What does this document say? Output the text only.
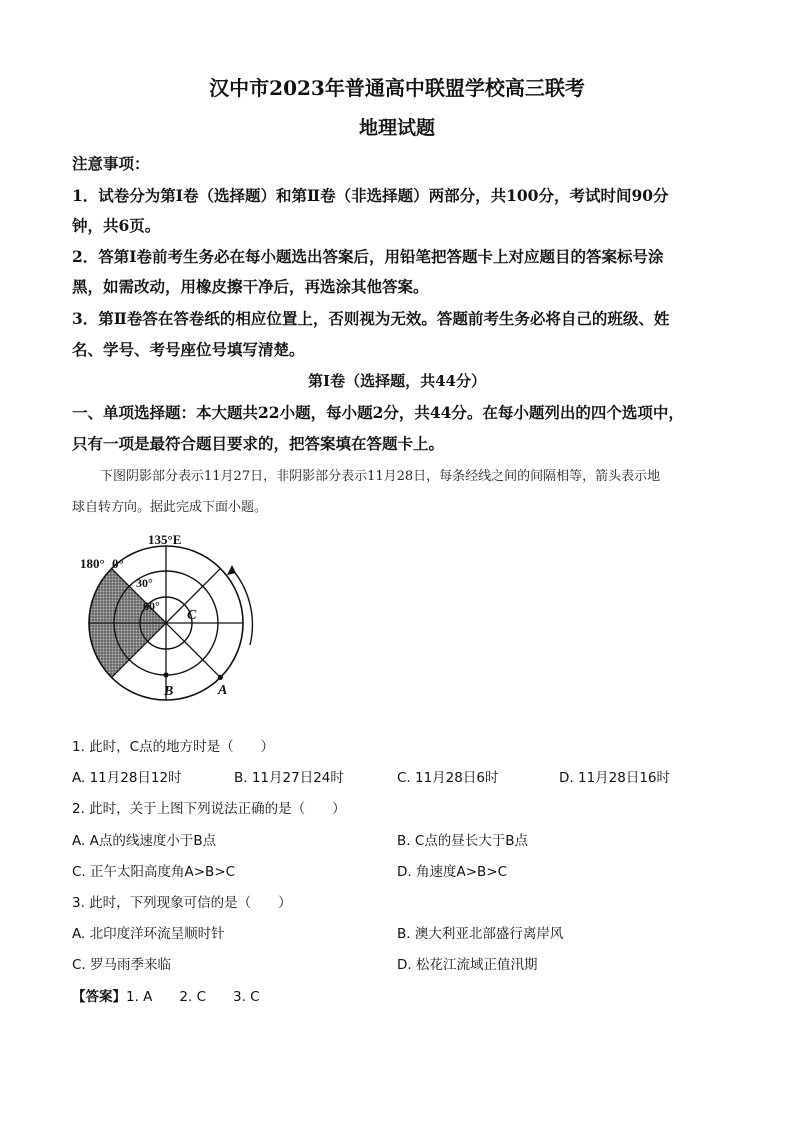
汉中市2023年普通高中联盟学校高三联考
地理试题
注意事项：
1．试卷分为第Ⅰ卷（选择题）和第Ⅱ卷（非选择题）两部分，共100分，考试时间90分
钟，共6页。
2．答第Ⅰ卷前考生务必在每小题选出答案后，用铅笔把答题卡上对应题目的答案标号涂
黑，如需改动，用橡皮擦干净后，再选涂其他答案。
3．第Ⅱ卷答在答卷纸的相应位置上，否则视为无效。答题前考生务必将自己的班级、姓
名、学号、考号座位号填写清楚。
第Ⅰ卷（选择题，共44分）
一、单项选择题：本大题共22小题，每小题2分，共44分。在每小题列出的四个选项中，
只有一项是最符合题目要求的，把答案填在答题卡上。
下图阴影部分表示11月27日，非阴影部分表示11月28日，每条经线之间的间隔相等，箭头表示地
球自转方向。据此完成下面小题。
135°E
180° 0°
30°
60°
C
B	A
1. 此时，C点的地方时是（　　）
A. 11月28日12时	B. 11月27日24时	C. 11月28日6时	D. 11月28日16时
2. 此时，关于上图下列说法正确的是（　　）
A. A点的线速度小于B点	B. C点的昼长大于B点
C. 正午太阳高度角A>B>C	D. 角速度A>B>C
3. 此时，下列现象可信的是（　　）
A. 北印度洋环流呈顺时针	B. 澳大利亚北部盛行离岸风
C. 罗马雨季来临	D. 松花江流域正值汛期
【答案】1. A　　2. C　　3. C
